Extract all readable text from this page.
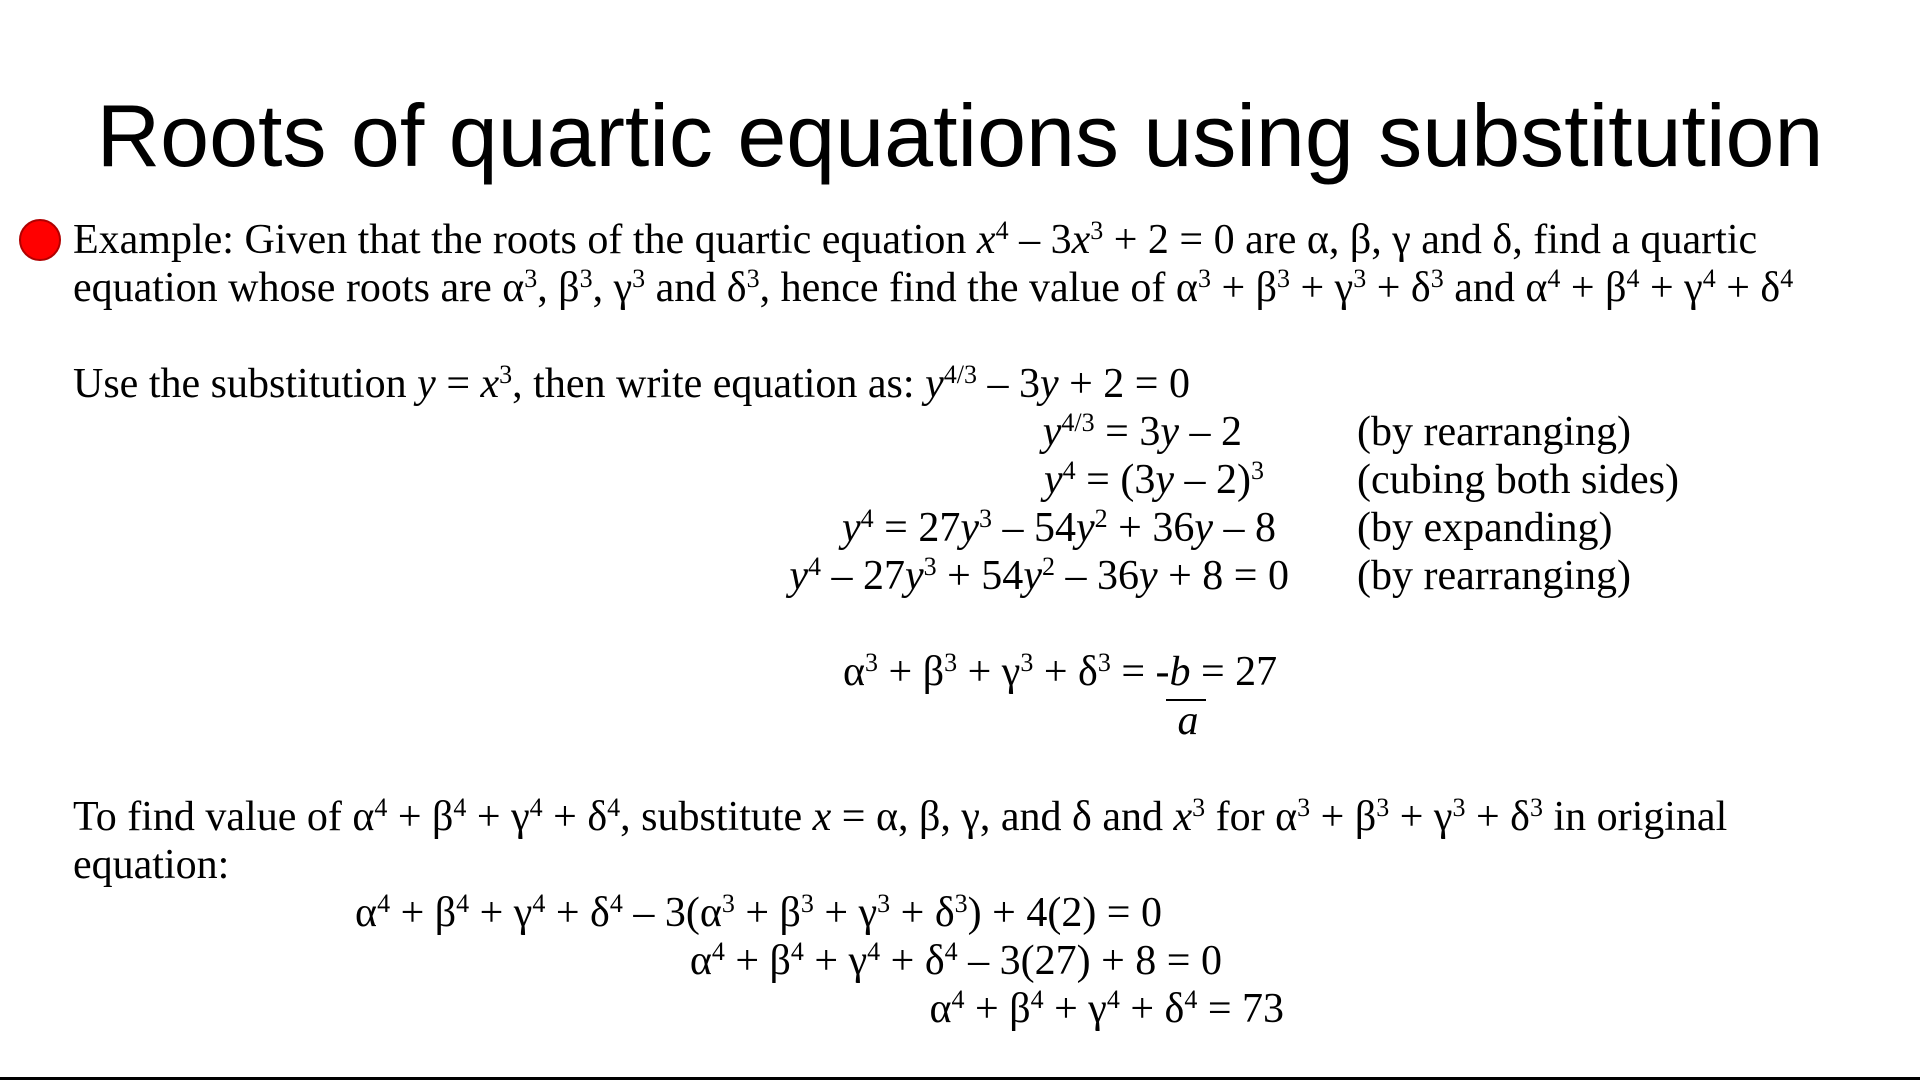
Roots of quartic equations using substitution
Example: Given that the roots of the quartic equation $x^4 - 3x^3 + 2 = 0$ are α, β, γ and δ, find a quartic
equation whose roots are $\alpha^3$, $\beta^3$, $\gamma^3$ and $\delta^3$, hence find the value of $\alpha^3 + \beta^3 + \gamma^3 + \delta^3$ and $\alpha^4 + \beta^4 + \gamma^4 + \delta^4$
Use the substitution $y = x^3$, then write equation as: $y^{4/3} - 3y + 2 = 0$
$y^{4/3} = 3y - 2$	(by rearranging)
$y^4 = (3y - 2)^3$ (cubing both sides)
$y^4 = 27y^3 - 54y^2 + 36y - 8$ (by expanding)
$y^4 - 27y^3 + 54y^2 - 36y + 8 = 0$ (by rearranging)
$\alpha^3 + \beta^3 + \gamma^3 + \delta^3 = -b = 27$
a
To find value of $\alpha^4 + \beta^4 + \gamma^4 + \delta^4$, substitute x = α, β, γ, and δ and $x^3$ for $\alpha^3 + \beta^3 + \gamma^3 + \delta^3$ in original
equation:
$\alpha^4 + \beta^4 + \gamma^4 + \delta^4 - 3(\alpha^3 + \beta^3 + \gamma^3 + \delta^3) + 4(2) = 0$
$\alpha^4 + \beta^4 + \gamma^4 + \delta^4 - 3(27) + 8 = 0$
$\alpha^4 + \beta^4 + \gamma^4 + \delta^4 = 73$
